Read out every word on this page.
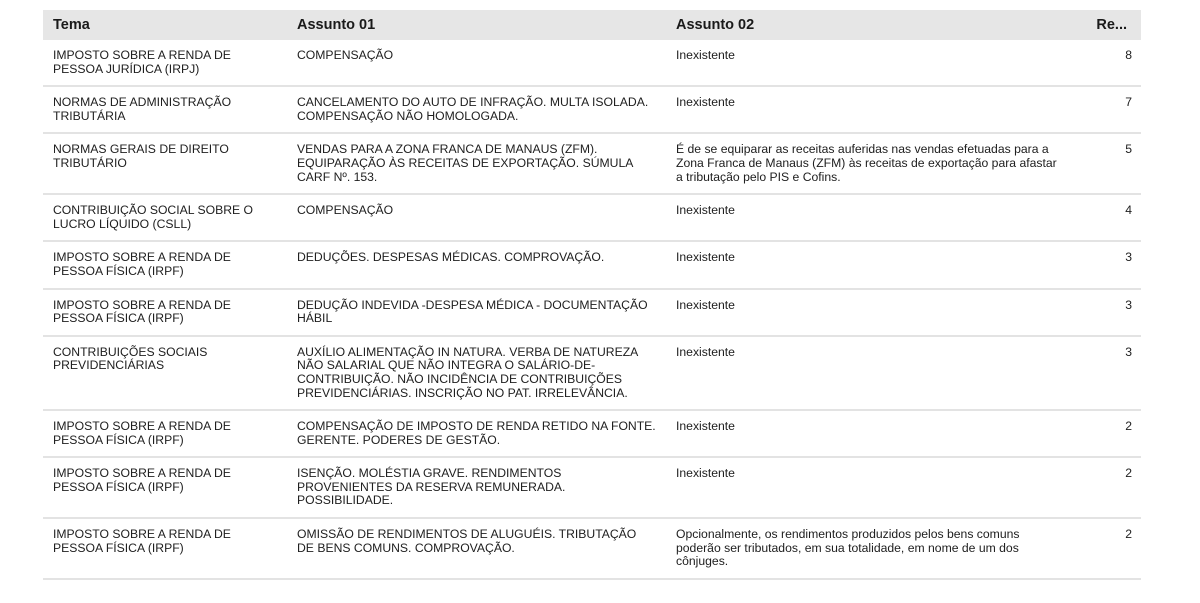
Tema	Assunto 01	Assunto 02	Re...
IMPOSTO SOBRE A RENDA DE PESSOA JURÍDICA (IRPJ)	COMPENSAÇÃO	Inexistente	8
NORMAS DE ADMINISTRAÇÃO TRIBUTÁRIA	CANCELAMENTO DO AUTO DE INFRAÇÃO. MULTA ISOLADA. COMPENSAÇÃO NÃO HOMOLOGADA.	Inexistente	7
NORMAS GERAIS DE DIREITO TRIBUTÁRIO	VENDAS PARA A ZONA FRANCA DE MANAUS (ZFM). EQUIPARAÇÃO ÀS RECEITAS DE EXPORTAÇÃO. SÚMULA CARF Nº. 153.	É de se equiparar as receitas auferidas nas vendas efetuadas para a Zona Franca de Manaus (ZFM) às receitas de exportação para afastar a tributação pelo PIS e Cofins.	5
CONTRIBUIÇÃO SOCIAL SOBRE O LUCRO LÍQUIDO (CSLL)	COMPENSAÇÃO	Inexistente	4
IMPOSTO SOBRE A RENDA DE PESSOA FÍSICA (IRPF)	DEDUÇÕES. DESPESAS MÉDICAS. COMPROVAÇÃO.	Inexistente	3
IMPOSTO SOBRE A RENDA DE PESSOA FÍSICA (IRPF)	DEDUÇÃO INDEVIDA -DESPESA MÉDICA - DOCUMENTAÇÃO HÁBIL	Inexistente	3
CONTRIBUIÇÕES SOCIAIS PREVIDENCIÁRIAS	AUXÍLIO ALIMENTAÇÃO IN NATURA. VERBA DE NATUREZA NÃO SALARIAL QUE NÃO INTEGRA O SALÁRIO-DE-CONTRIBUIÇÃO. NÃO INCIDÊNCIA DE CONTRIBUIÇÕES PREVIDENCIÁRIAS. INSCRIÇÃO NO PAT. IRRELEVÂNCIA.	Inexistente	3
IMPOSTO SOBRE A RENDA DE PESSOA FÍSICA (IRPF)	COMPENSAÇÃO DE IMPOSTO DE RENDA RETIDO NA FONTE. GERENTE. PODERES DE GESTÃO.	Inexistente	2
IMPOSTO SOBRE A RENDA DE PESSOA FÍSICA (IRPF)	ISENÇÃO. MOLÉSTIA GRAVE. RENDIMENTOS PROVENIENTES DA RESERVA REMUNERADA. POSSIBILIDADE.	Inexistente	2
IMPOSTO SOBRE A RENDA DE PESSOA FÍSICA (IRPF)	OMISSÃO DE RENDIMENTOS DE ALUGUÉIS. TRIBUTAÇÃO DE BENS COMUNS. COMPROVAÇÃO.	Opcionalmente, os rendimentos produzidos pelos bens comuns poderão ser tributados, em sua totalidade, em nome de um dos cônjuges.	2
